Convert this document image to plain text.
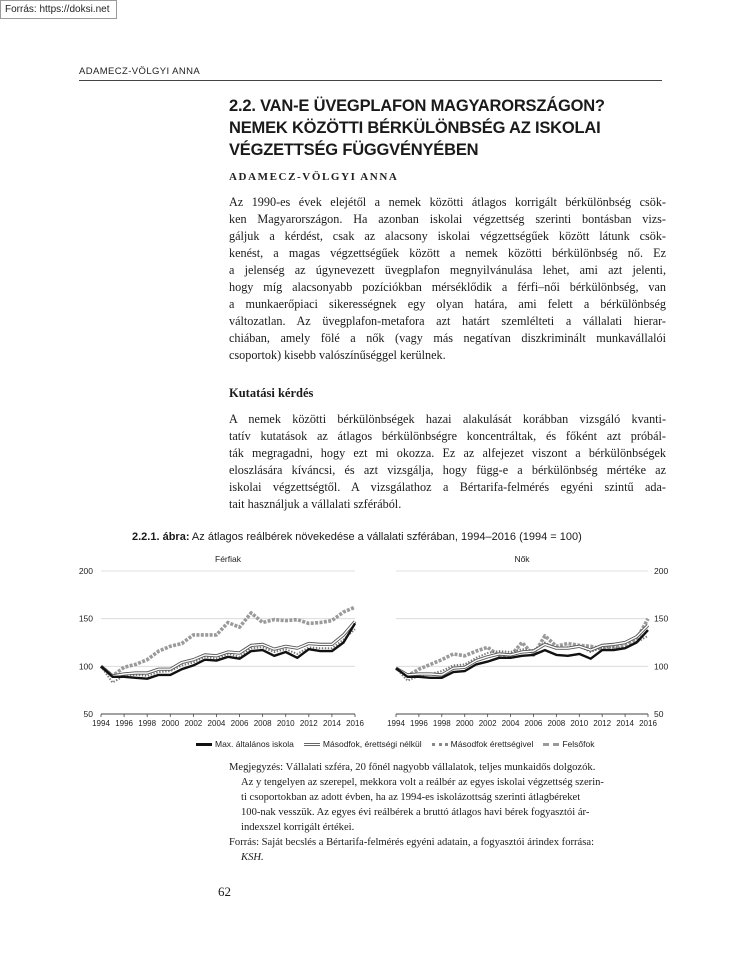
Forrás: https://doksi.net
ADAMECZ-VÖLGYI ANNA
2.2. VAN-E ÜVEGPLAFON MAGYARORSZÁGON?
NEMEK KÖZÖTTI BÉRKÜLÖNBSÉG AZ ISKOLAI
VÉGZETTSÉG FÜGGVÉNYÉBEN
ADAMECZ-VÖLGYI ANNA
Az 1990-es évek elejétől a nemek közötti átlagos korrigált bérkülönbség csök-
ken Magyarországon. Ha azonban iskolai végzettség szerinti bontásban vizs-
gáljuk a kérdést, csak az alacsony iskolai végzettségűek között látunk csök-
kenést, a magas végzettségűek között a nemek közötti bérkülönbség nő. Ez
a jelenség az úgynevezett üvegplafon megnyilvánulása lehet, ami azt jelenti,
hogy míg alacsonyabb pozíciókban mérséklődik a férfi–női bérkülönbség, van
a munkaerőpiaci sikerességnek egy olyan határa, ami felett a bérkülönbség
változatlan. Az üvegplafon-metafora azt határt szemlélteti a vállalati hierar-
chiában, amely fölé a nők (vagy más negatívan diszkriminált munkavállalói
csoportok) kisebb valószínűséggel kerülnek.
Kutatási kérdés
A nemek közötti bérkülönbségek hazai alakulását korábban vizsgáló kvanti-
tatív kutatások az átlagos bérkülönbségre koncentráltak, és főként azt próbál-
ták megragadni, hogy ezt mi okozza. Ez az alfejezet viszont a bérkülönbségek
eloszlására kíváncsi, és azt vizsgálja, hogy függ-e a bérkülönbség mértéke az
iskolai végzettségtől. A vizsgálathoz a Bértarifa-felmérés egyéni szintű ada-
tait használjuk a vállalati szférából.
2.2.1. ábra: Az átlagos reálbérek növekedése a vállalati szférában, 1994–2016 (1994 = 100)
50
100
150
200
1994 1996 1998 2000 2002 2004 2006 2008 2010 2012 2014 2016
Férfiak
50
100
150
200
1994 1996 1998 2000 2002 2004 2006 2008 2010 2012 2014 2016
Nők
Max. általános iskola	Másodfok, érettségi nélkül	Másodfok érettségivel	Felsőfok
Megjegyzés: Vállalati szféra, 20 főnél nagyobb vállalatok, teljes munkaidős dolgozók.
Az y tengelyen az szerepel, mekkora volt a reálbér az egyes iskolai végzettség szerin-
ti csoportokban az adott évben, ha az 1994-es iskolázottság szerinti átlagbéreket
100-nak vesszük. Az egyes évi reálbérek a bruttó átlagos havi bérek fogyasztói ár-
indexszel korrigált értékei.
Forrás: Saját becslés a Bértarifa-felmérés egyéni adatain, a fogyasztói árindex forrása:
KSH.
62
